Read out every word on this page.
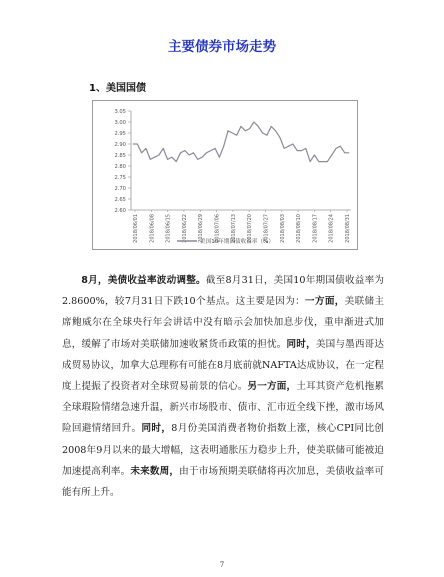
主要债券市场走势
1、美国国债
3.05
3.00
2.95
2.90
2.85
2.80
2.75
2.70
2.65
2.60
2018/06/01 2018/06/08 2018/06/15 2018/06/22 2018/06/29 2018/07/06 2018/07/13 2018/07/20 2018/07/27 2018/08/03 2018/08/10 2018/08/17 2018/08/24 2018/08/31
美国10年期国债收益率（%）

8月，美债收益率波动调整。截至8月31日，美国10年期国债收益率为2.8600%，较7月31日下跌10个基点。这主要是因为：一方面，美联储主席鲍威尔在全球央行年会讲话中没有暗示会加快加息步伐，重申渐进式加息，缓解了市场对美联储加速收紧货币政策的担忧。同时，美国与墨西哥达成贸易协议，加拿大总理称有可能在8月底前就NAFTA达成协议，在一定程度上提振了投资者对全球贸易前景的信心。另一方面，土耳其资产危机拖累全球瑕险情绪急速升温，新兴市场股市、债市、汇市近全线下挫，激市场风险回避情绪回升。同时，8月份美国消费者物价指数上涨，核心CPI同比创2008年9月以来的最大增幅，这表明通胀压力稳步上升，使美联储可能被迫加速提高利率。未来数周，由于市场预期美联储将再次加息，美债收益率可能有所上升。

7
